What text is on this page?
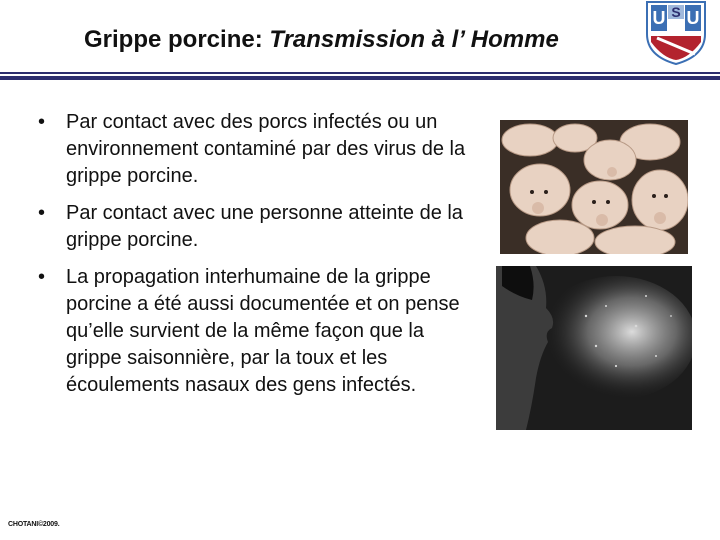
Grippe porcine: Transmission à l’ Homme
U S U
• Par contact avec des porcs infectés ou un environnement contaminé par des virus de la grippe porcine.
• Par contact avec une personne atteinte de la grippe porcine.
• La propagation interhumaine de la grippe porcine a été aussi documentée et on pense qu’elle survient de la même façon que la grippe saisonnière, par la toux et les écoulements nasaux des gens infectés.
CHOTANI©2009.
